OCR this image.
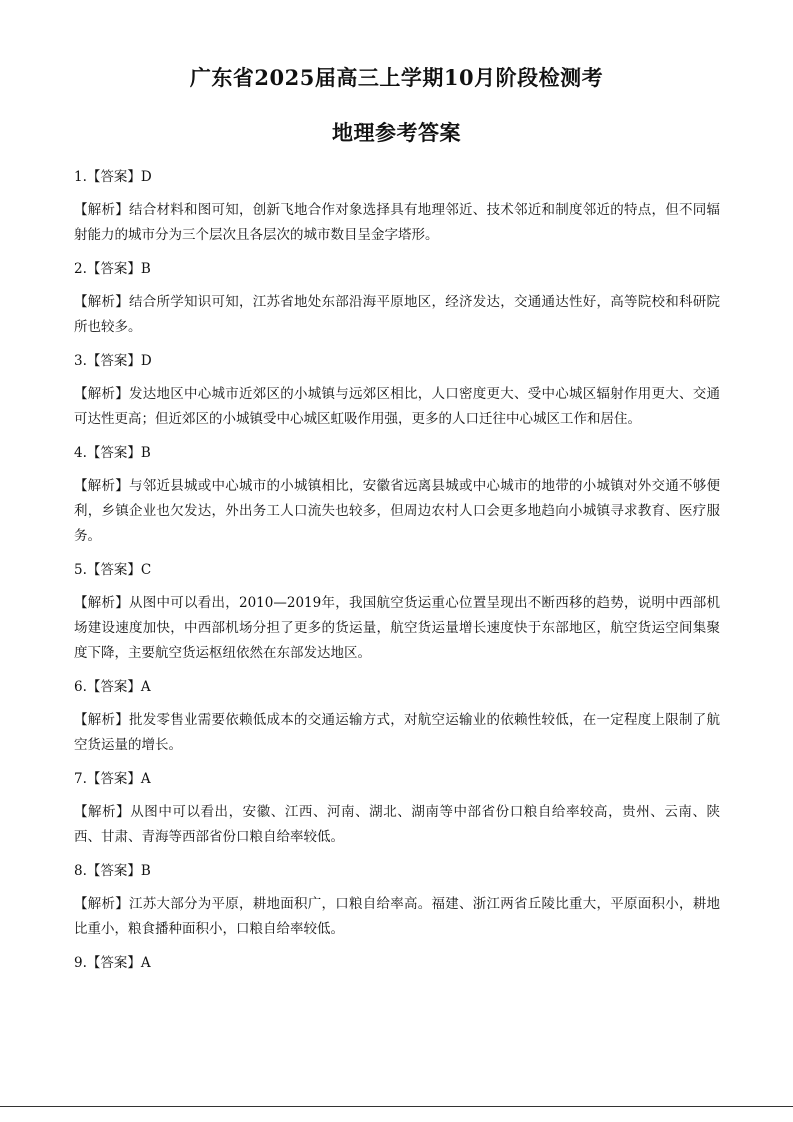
广东省2025届高三上学期10月阶段检测考
地理参考答案

1.【答案】D

【解析】结合材料和图可知，创新飞地合作对象选择具有地理邻近、技术邻近和制度邻近的特点，但不同辐射能力的城市分为三个层次且各层次的城市数目呈金字塔形。

2.【答案】B

【解析】结合所学知识可知，江苏省地处东部沿海平原地区，经济发达，交通通达性好，高等院校和科研院所也较多。

3.【答案】D

【解析】发达地区中心城市近郊区的小城镇与远郊区相比，人口密度更大、受中心城区辐射作用更大、交通可达性更高；但近郊区的小城镇受中心城区虹吸作用强，更多的人口迁往中心城区工作和居住。

4.【答案】B

【解析】与邻近县城或中心城市的小城镇相比，安徽省远离县城或中心城市的地带的小城镇对外交通不够便利，乡镇企业也欠发达，外出务工人口流失也较多，但周边农村人口会更多地趋向小城镇寻求教育、医疗服务。

5.【答案】C

【解析】从图中可以看出，2010—2019年，我国航空货运重心位置呈现出不断西移的趋势，说明中西部机场建设速度加快，中西部机场分担了更多的货运量，航空货运量增长速度快于东部地区，航空货运空间集聚度下降，主要航空货运枢纽依然在东部发达地区。

6.【答案】A

【解析】批发零售业需要依赖低成本的交通运输方式，对航空运输业的依赖性较低，在一定程度上限制了航空货运量的增长。

7.【答案】A

【解析】从图中可以看出，安徽、江西、河南、湖北、湖南等中部省份口粮自给率较高，贵州、云南、陕西、甘肃、青海等西部省份口粮自给率较低。

8.【答案】B

【解析】江苏大部分为平原，耕地面积广，口粮自给率高。福建、浙江两省丘陵比重大，平原面积小，耕地比重小，粮食播种面积小，口粮自给率较低。

9.【答案】A
